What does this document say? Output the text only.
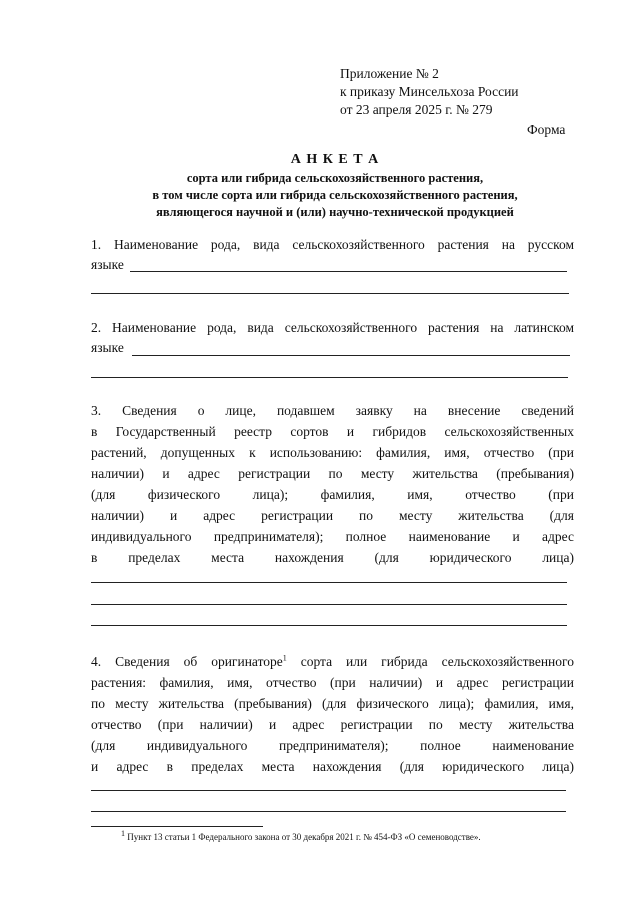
Приложение № 2
к приказу Минсельхоза России
от 23 апреля 2025 г. № 279
Форма
А Н К Е Т А
сорта или гибрида сельскохозяйственного растения,
в том числе сорта или гибрида сельскохозяйственного растения,
являющегося научной и (или) научно-технической продукцией
1. Наименование рода, вида сельскохозяйственного растения на русском
языке
2. Наименование рода, вида сельскохозяйственного растения на латинском
языке
3. Сведения о лице, подавшем заявку на внесение сведений
в Государственный реестр сортов и гибридов сельскохозяйственных
растений, допущенных к использованию: фамилия, имя, отчество (при
наличии) и адрес регистрации по месту жительства (пребывания)
(для физического лица); фамилия, имя, отчество (при
наличии) и адрес регистрации по месту жительства (для
индивидуального предпринимателя); полное наименование и адрес
в пределах места нахождения (для юридического лица)
4. Сведения об оригинаторе$^1$ сорта или гибрида сельскохозяйственного
растения: фамилия, имя, отчество (при наличии) и адрес регистрации
по месту жительства (пребывания) (для физического лица); фамилия, имя,
отчество (при наличии) и адрес регистрации по месту жительства
(для индивидуального предпринимателя); полное наименование
и адрес в пределах места нахождения (для юридического лица)
$^1$ Пункт 13 статьи 1 Федерального закона от 30 декабря 2021 г. № 454-ФЗ «О семеноводстве».
